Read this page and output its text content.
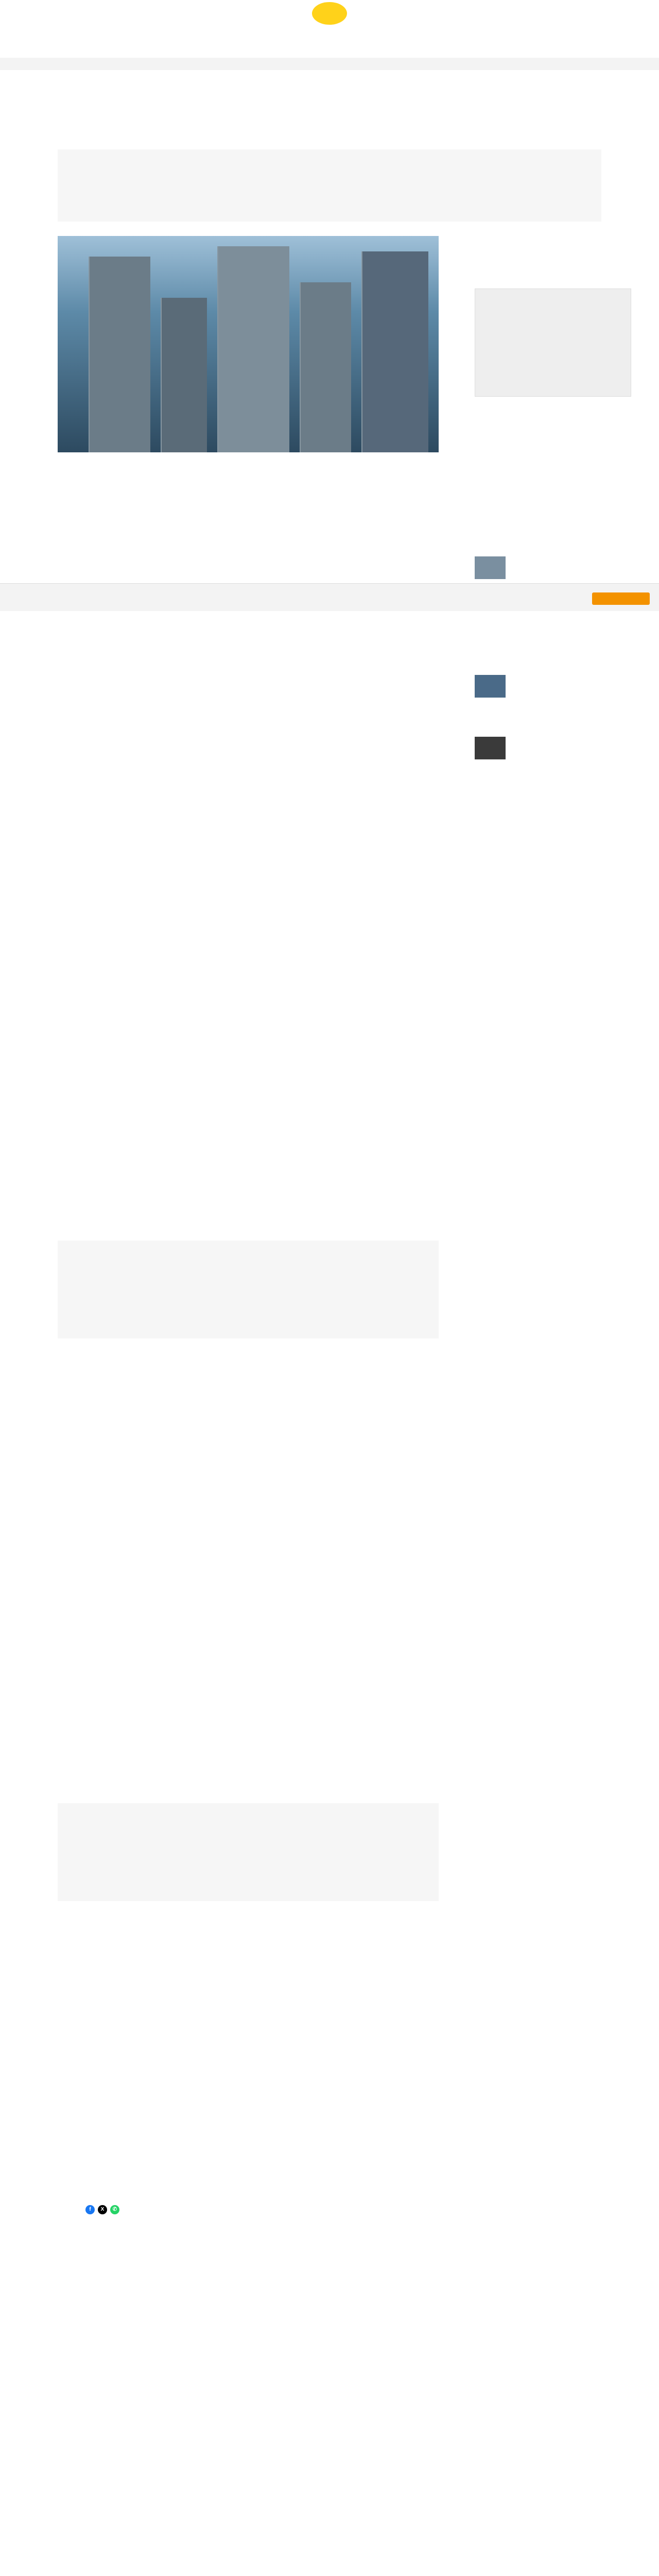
f	X	✆
